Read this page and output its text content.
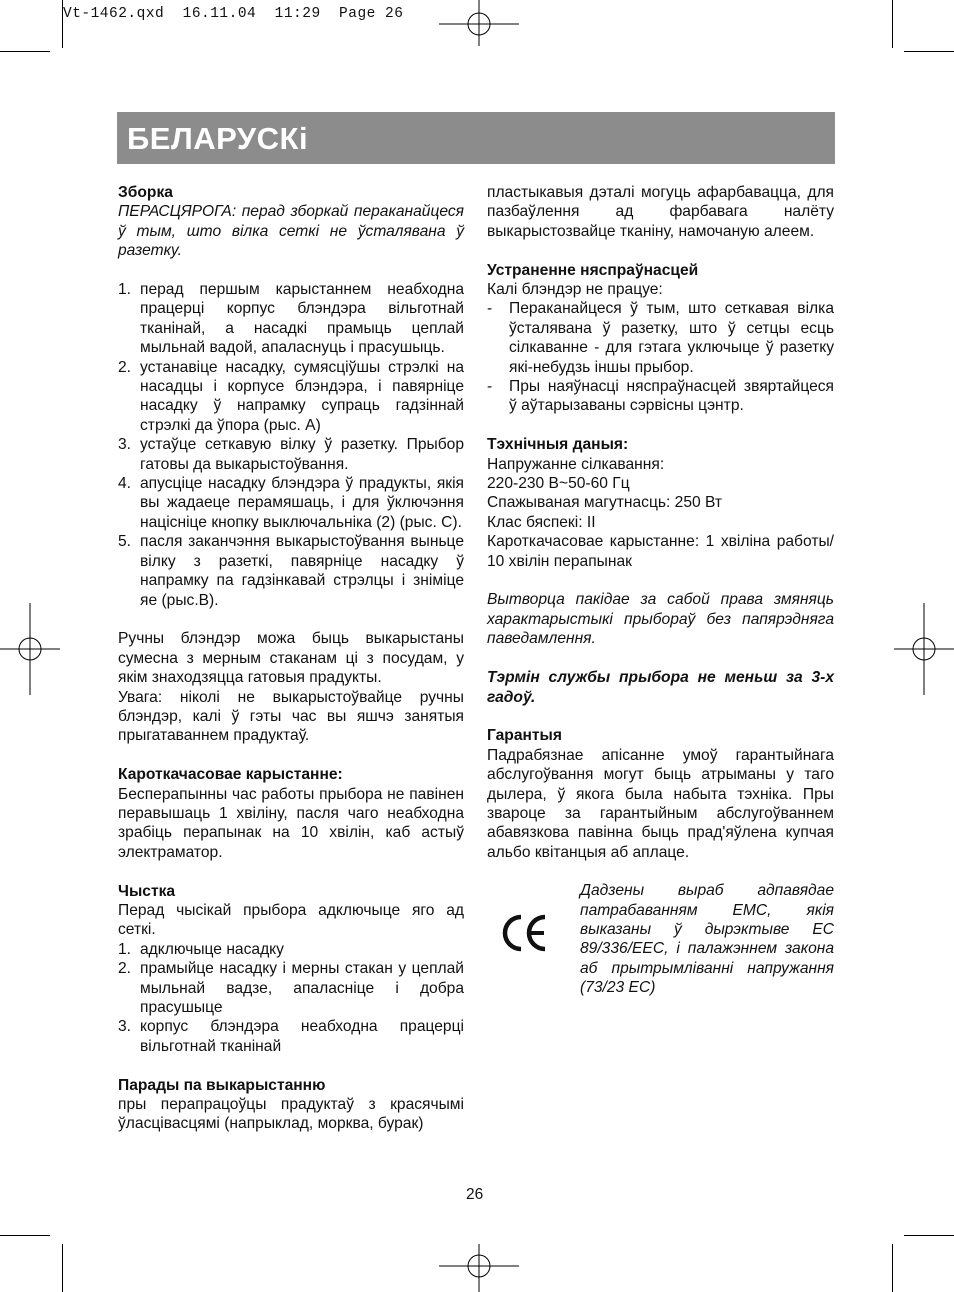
Vt-1462.qxd  16.11.04  11:29  Page 26
БЕЛАРУСКі

Зборка

ПЕРАСЦЯРОГА: перад зборкай пераканайцеся ў тым, што вілка сеткі не ўсталявана ў разетку.

1. перад першым карыстаннем неабходна працерці корпус блэндэра вільготнай тканінай, а насадкі прамыць цеплай мыльнай вадой, апаласнуць і прасушыць.
2. устанавіце насадку, сумясціўшы стрэлкі на насадцы і корпусе блэндэра, і павярніце насадку ў напрамку супраць гадзіннай стрэлкі да ўпора (рыс. А)
3. устаўце сеткавую вілку ў разетку. Прыбор гатовы да выкарыстоўвання.
4. апусціце насадку блэндэра ў прадукты, якія вы жадаеце перамяшаць, і для ўключэння націсніце кнопку выключальніка (2) (рыс. С).
5. пасля заканчэння выкарыстоўвання выньце вілку з разеткі, павярніце насадку ў напрамку па гадзінкавай стрэлцы і зніміце яе (рыс.В).

Ручны блэндэр можа быць выкарыстаны сумесна з мерным стаканам ці з посудам, у якім знаходзяцца гатовыя прадукты.

Увага: ніколі не выкарыстоўвайце ручны блэндэр, калі ў гэты час вы яшчэ занятыя прыгатаваннем прадуктаў.

Кароткачасовае карыстанне:

Бесперапынны час работы прыбора не павінен перавышаць 1 хвіліну, пасля чаго неабходна зрабіць перапынак на 10 хвілін, каб астыў электраматор.

Чыстка

Перад чысікай прыбора адключыце яго ад сеткі.

1. адключыце насадку
2. прамыйце насадку і мерны стакан у цеплай мыльнай вадзе, апаласніце і добра прасушыце
3. корпус блэндэра неабходна працерці вільготнай тканінай

Парады па выкарыстанню

пры перапрацоўцы прадуктаў з красячымі ўласцівасцямі (напрыклад, морква, бурак)

пластыкавыя дэталі могуць афарбавацца, для пазбаўлення ад фарбавага налёту выкарыстозвайце тканіну, намочаную алеем.

Устраненне няспраўнасцей

Калі блэндэр не працуе:

- Пераканайцеся ў тым, што сеткавая вілка ўсталявана ў разетку, што ў сетцы есць сілкаванне - для гэтага уключыце ў разетку які-небудзь іншы прыбор.
- Пры наяўнасці няспраўнасцей звяртайцеся ў аўтарызаваны сэрвісны цэнтр.

Тэхнічныя даныя:

Напружанне сілкавання:

220-230 В~50-60 Гц

Спажываная магутнасць: 250 Вт

Клас бяспекі: II

Кароткачасовае карыстанне: 1 хвіліна работы/ 10 хвілін перапынак

Вытворца пакідае за сабой права змяняць характарыстыкі прыбораў без папярэдняга паведамлення.

Тэрмін службы прыбора не меньш за 3-х гадоў.

Гарантыя

Падрабязнае апісанне умоў гарантыйнага абслугоўвання могут быць атрыманы у таго дылера, ў якога была набыта тэхніка. Пры звароце за гарантыйным абслугоўваннем абавязкова павінна быць прад'яўлена купчая альбо квітанцыя аб аплаце.

Дадзены выраб адпавядае патрабаванням ЕМС, якія выказаны ў дырэктыве ЕС 89/336/ЕЕС, і палажэннем закона аб прытрымліванні напружання (73/23 ЕС)

26
